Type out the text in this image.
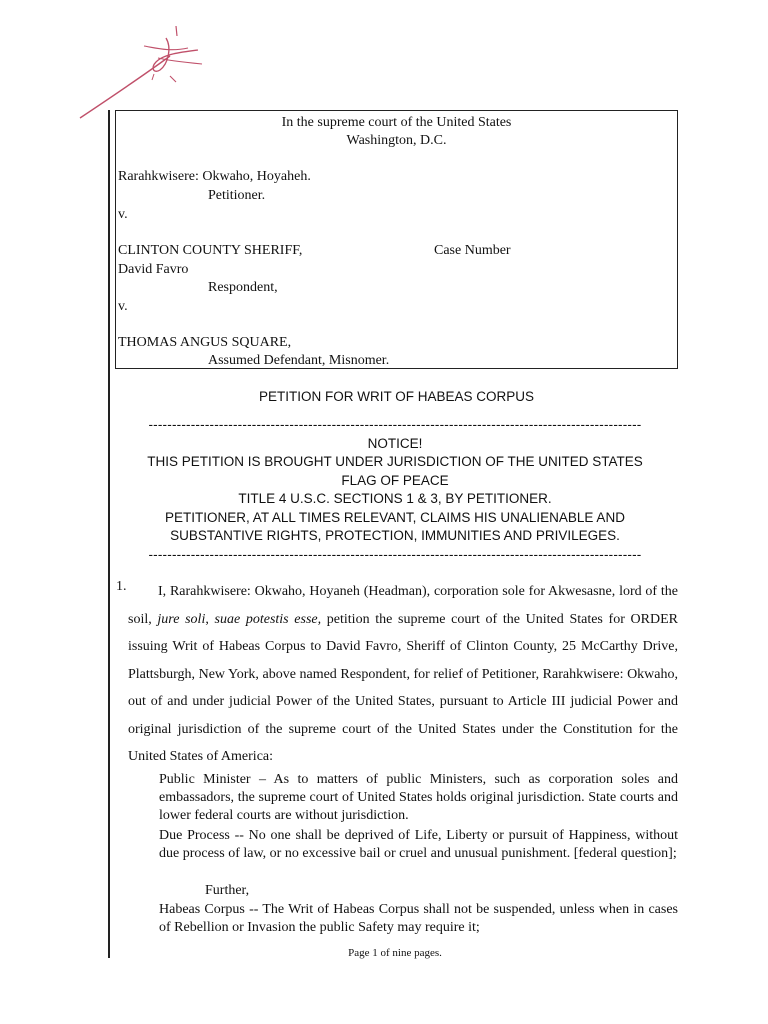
In the supreme court of the United States
Washington, D.C.
Rarahkwisere: Okwaho, Hoyaheh.
Petitioner.
v.
CLINTON COUNTY SHERIFF,	Case Number
David Favro
Respondent,
v.
THOMAS ANGUS SQUARE,
Assumed Defendant, Misnomer.
PETITION FOR WRIT OF HABEAS CORPUS
---------------------------------------------------------------------------------------------------------
NOTICE!
THIS PETITION IS BROUGHT UNDER JURISDICTION OF THE UNITED STATES
FLAG OF PEACE
TITLE 4 U.S.C. SECTIONS 1 & 3, BY PETITIONER.
PETITIONER, AT ALL TIMES RELEVANT, CLAIMS HIS UNALIENABLE AND
SUBSTANTIVE RIGHTS, PROTECTION, IMMUNITIES AND PRIVILEGES.
---------------------------------------------------------------------------------------------------------
1.	I, Rarahkwisere: Okwaho, Hoyaneh (Headman), corporation sole for Akwesasne, lord of the soil, jure soli, suae potestis esse, petition the supreme court of the United States for ORDER issuing Writ of Habeas Corpus to David Favro, Sheriff of Clinton County, 25 McCarthy Drive, Plattsburgh, New York, above named Respondent, for relief of Petitioner, Rarahkwisere: Okwaho, out of and under judicial Power of the United States, pursuant to Article III judicial Power and original jurisdiction of the supreme court of the United States under the Constitution for the United States of America:
Public Minister – As to matters of public Ministers, such as corporation soles and embassadors, the supreme court of United States holds original jurisdiction. State courts and lower federal courts are without jurisdiction.
Due Process -- No one shall be deprived of Life, Liberty or pursuit of Happiness, without due process of law, or no excessive bail or cruel and unusual punishment. [federal question];
Further,
Habeas Corpus -- The Writ of Habeas Corpus shall not be suspended, unless when in cases of Rebellion or Invasion the public Safety may require it;
Page 1 of nine pages.
